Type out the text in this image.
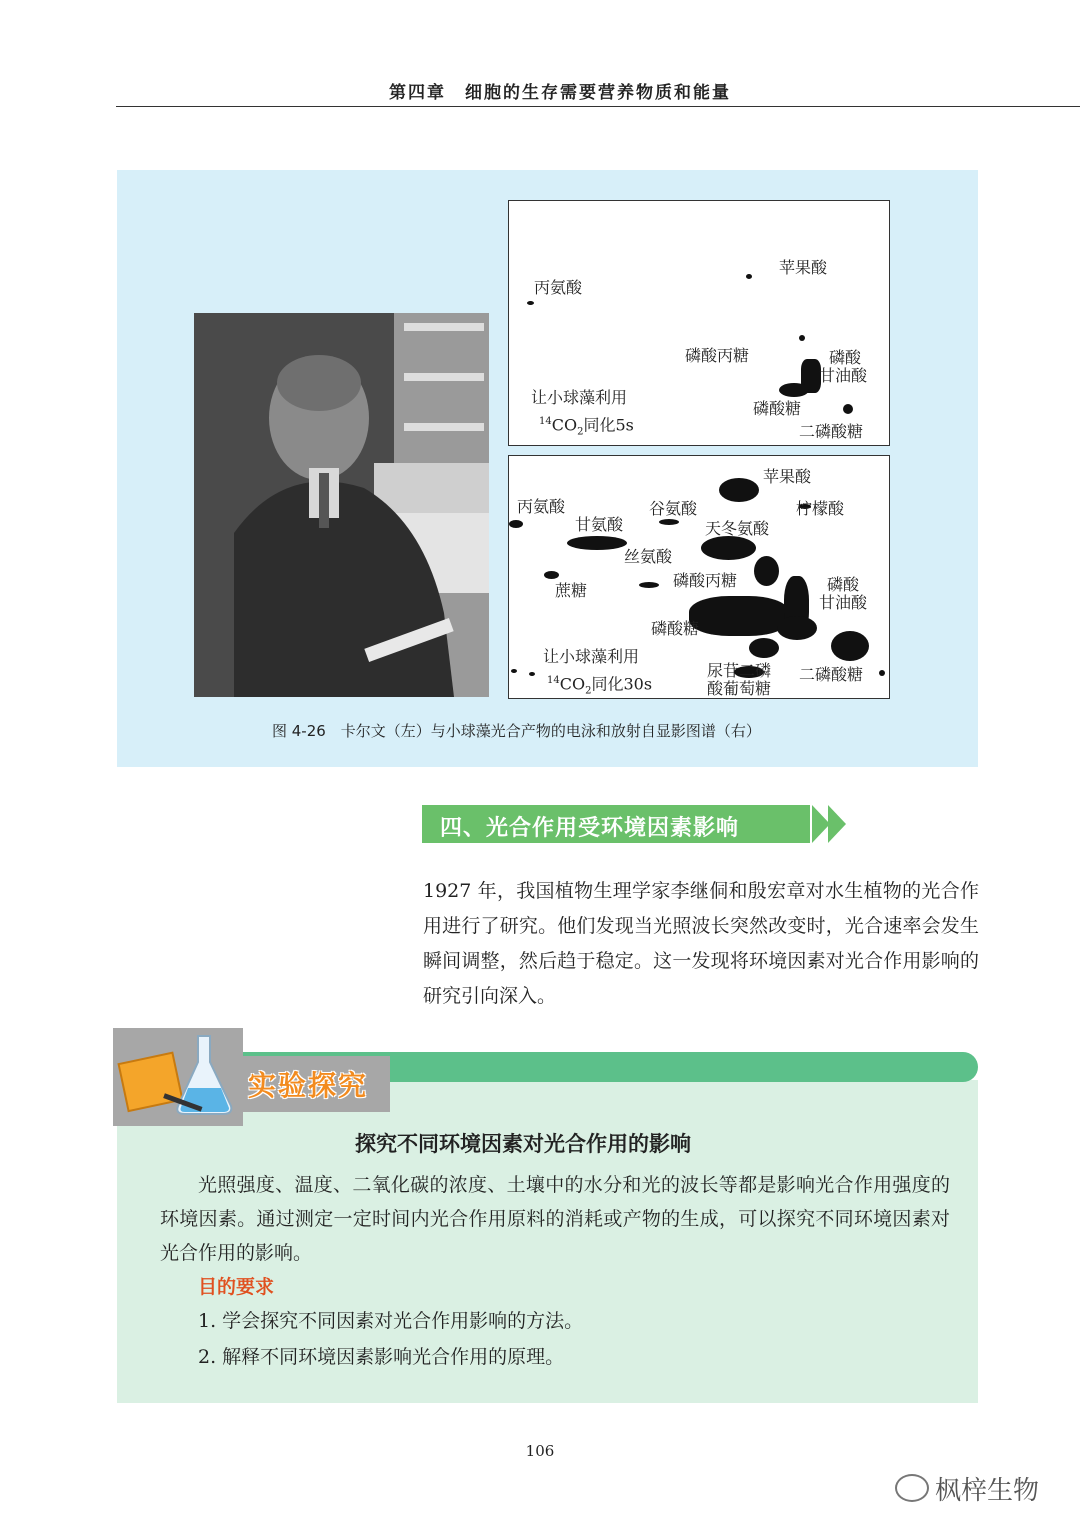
第四章　细胞的生存需要营养物质和能量
苹果酸
丙氨酸
磷酸丙糖	磷酸
甘油酸
磷酸糖
二磷酸糖
让小球藻利用
$^{14}CO_2$同化5s
苹果酸
丙氨酸	谷氨酸	柠檬酸
甘氨酸	天冬氨酸
丝氨酸
蔗糖
磷酸丙糖	磷酸
甘油酸
磷酸糖
尿苷二磷
酸葡萄糖
二磷酸糖
让小球藻利用
$^{14}CO_2$同化30s
图 4-26　卡尔文（左）与小球藻光合产物的电泳和放射自显影图谱（右）
四、光合作用受环境因素影响
1927 年，我国植物生理学家李继侗和殷宏章对水生植物的光合作用进行了研究。他们发现当光照波长突然改变时，光合速率会发生瞬间调整，然后趋于稳定。这一发现将环境因素对光合作用影响的研究引向深入。
实验探究
探究不同环境因素对光合作用的影响
光照强度、温度、二氧化碳的浓度、土壤中的水分和光的波长等都是影响光合作用强度的环境因素。通过测定一定时间内光合作用原料的消耗或产物的生成，可以探究不同环境因素对光合作用的影响。
目的要求
1. 学会探究不同因素对光合作用影响的方法。
2. 解释不同环境因素影响光合作用的原理。
106
枫梓生物
